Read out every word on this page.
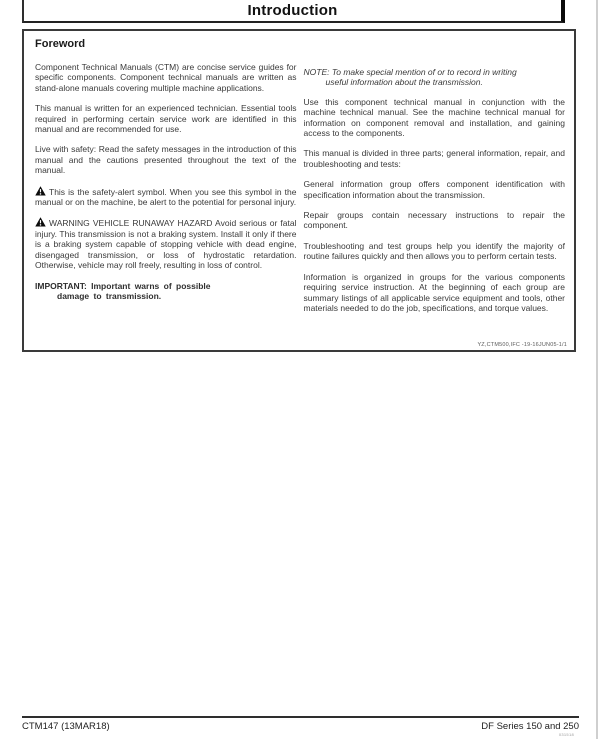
Introduction
Foreword

Component Technical Manuals (CTM) are concise service guides for specific components. Component technical manuals are written as stand-alone manuals covering multiple machine applications.

This manual is written for an experienced technician. Essential tools required in performing certain service work are identified in this manual and are recommended for use.

Live with safety: Read the safety messages in the introduction of this manual and the cautions presented throughout the text of the manual.

This is the safety-alert symbol. When you see this symbol in the manual or on the machine, be alert to the potential for personal injury.

WARNING VEHICLE RUNAWAY HAZARD Avoid serious or fatal injury. This transmission is not a braking system. Install it only if there is a braking system capable of stopping vehicle with dead engine, disengaged transmission, or loss of hydrostatic retardation. Otherwise, vehicle may roll freely, resulting in loss of control.

IMPORTANT: Important warns of possible
damage to transmission.
NOTE: To make special mention of or to record in writing
useful information about the transmission.

Use this component technical manual in conjunction with the machine technical manual. See the machine technical manual for information on component removal and installation, and gaining access to the components.

This manual is divided in three parts; general information, repair, and troubleshooting and tests:

General information group offers component identification with specification information about the transmission.

Repair groups contain necessary instructions to repair the component.

Troubleshooting and test groups help you identify the majority of routine failures quickly and then allows you to perform certain tests.

Information is organized in groups for the various components requiring service instruction. At the beginning of each group are summary listings of all applicable service equipment and tools, other materials needed to do the job, specifications, and torque values.

YZ,CTM500,IFC -19-16JUN05-1/1
CTM147 (13MAR18)	DF Series 150 and 250
031518
